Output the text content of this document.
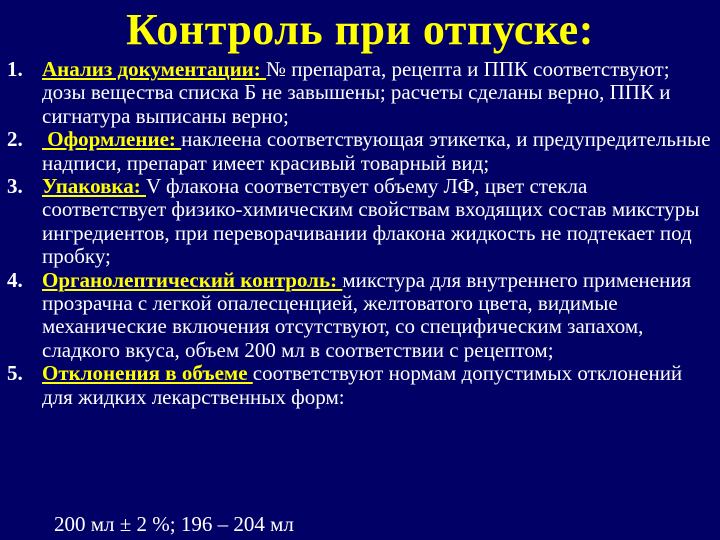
Контроль при отпуске:
1. Анализ документации: № препарата, рецепта и ППК соответствуют; дозы вещества списка Б не завышены; расчеты сделаны верно, ППК и сигнатура выписаны верно;
2. Оформление: наклеена соответствующая этикетка, и предупредительные надписи, препарат имеет красивый товарный вид;
3. Упаковка: V флакона соответствует объему ЛФ, цвет стекла соответствует физико-химическим свойствам входящих состав микстуры ингредиентов, при переворачивании флакона жидкость не подтекает под пробку;
4. Органолептический контроль: микстура для внутреннего применения прозрачна с легкой опалесценцией, желтоватого цвета, видимые механические включения отсутствуют, со специфическим запахом, сладкого вкуса, объем 200 мл в соответствии с рецептом;
5. Отклонения в объеме соответствуют нормам допустимых отклонений для жидких лекарственных форм:
200 мл ± 2 %; 196 – 204 мл
